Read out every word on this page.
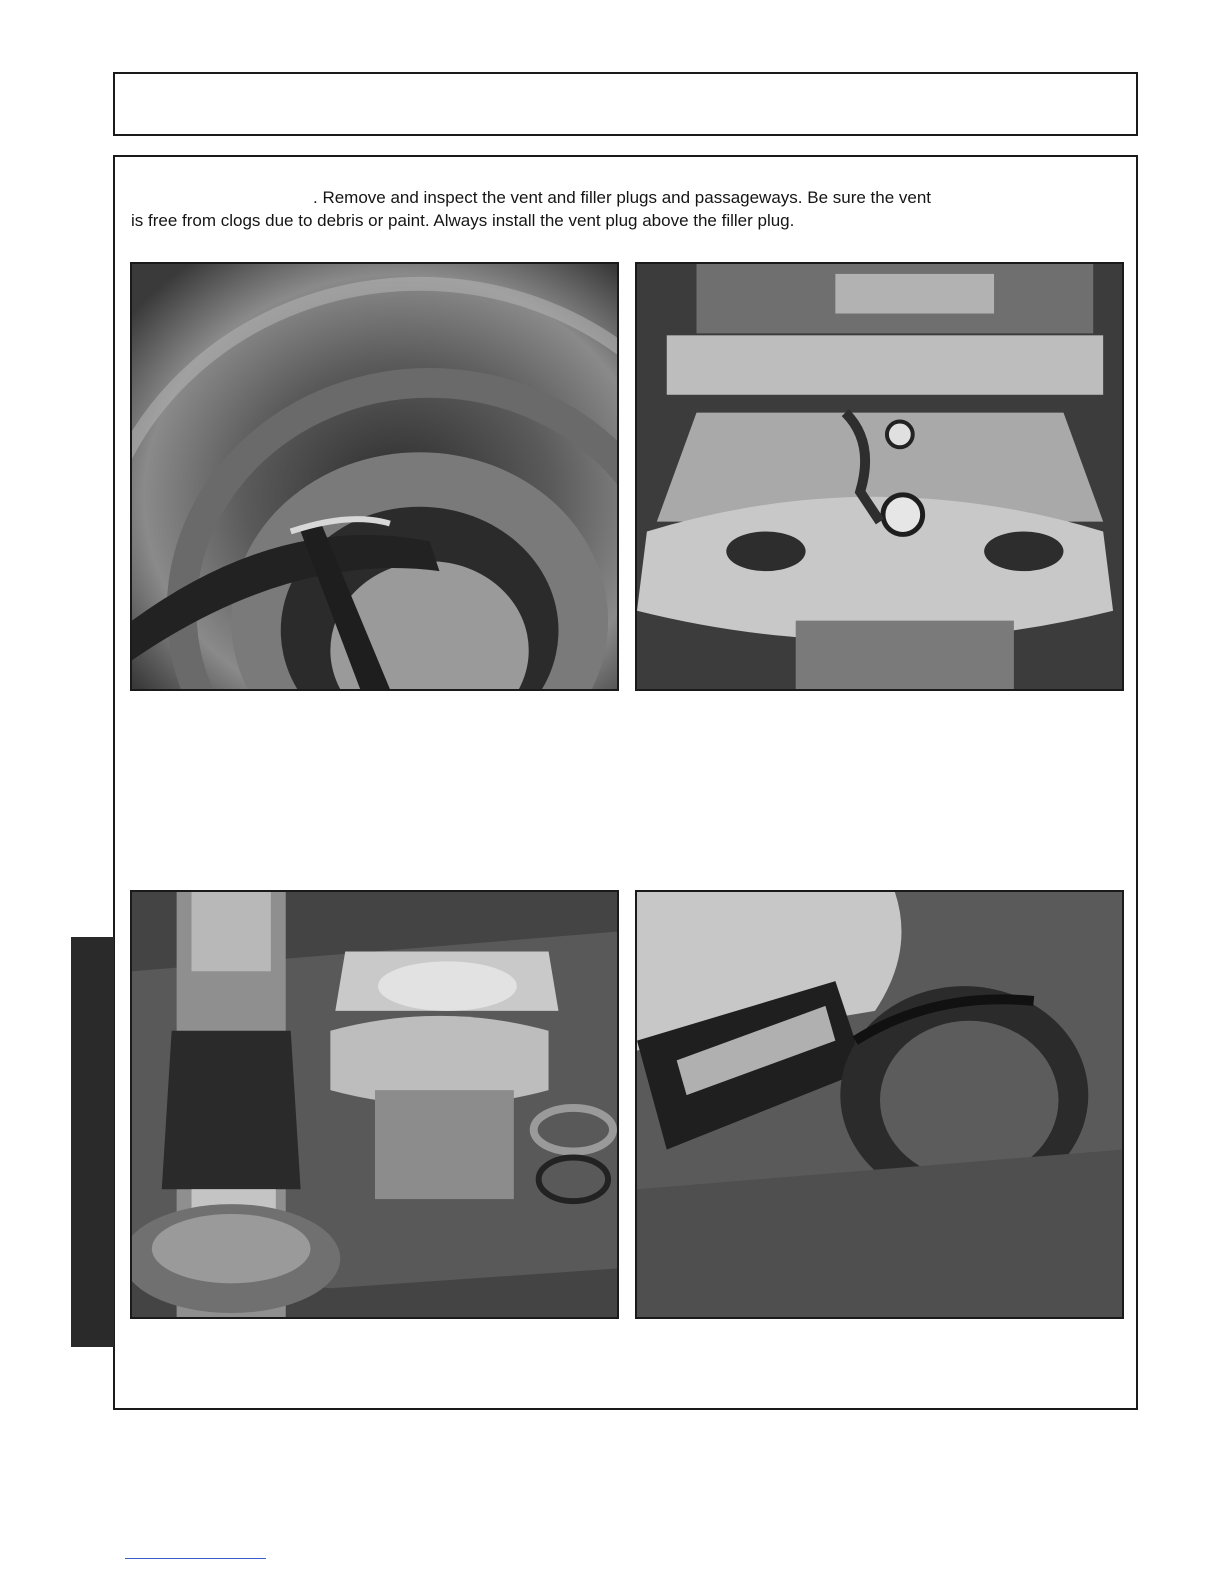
. Remove and inspect the vent and filler plugs and passageways. Be sure the vent
is free from clogs due to debris or paint. Always install the vent plug above the filler plug.
